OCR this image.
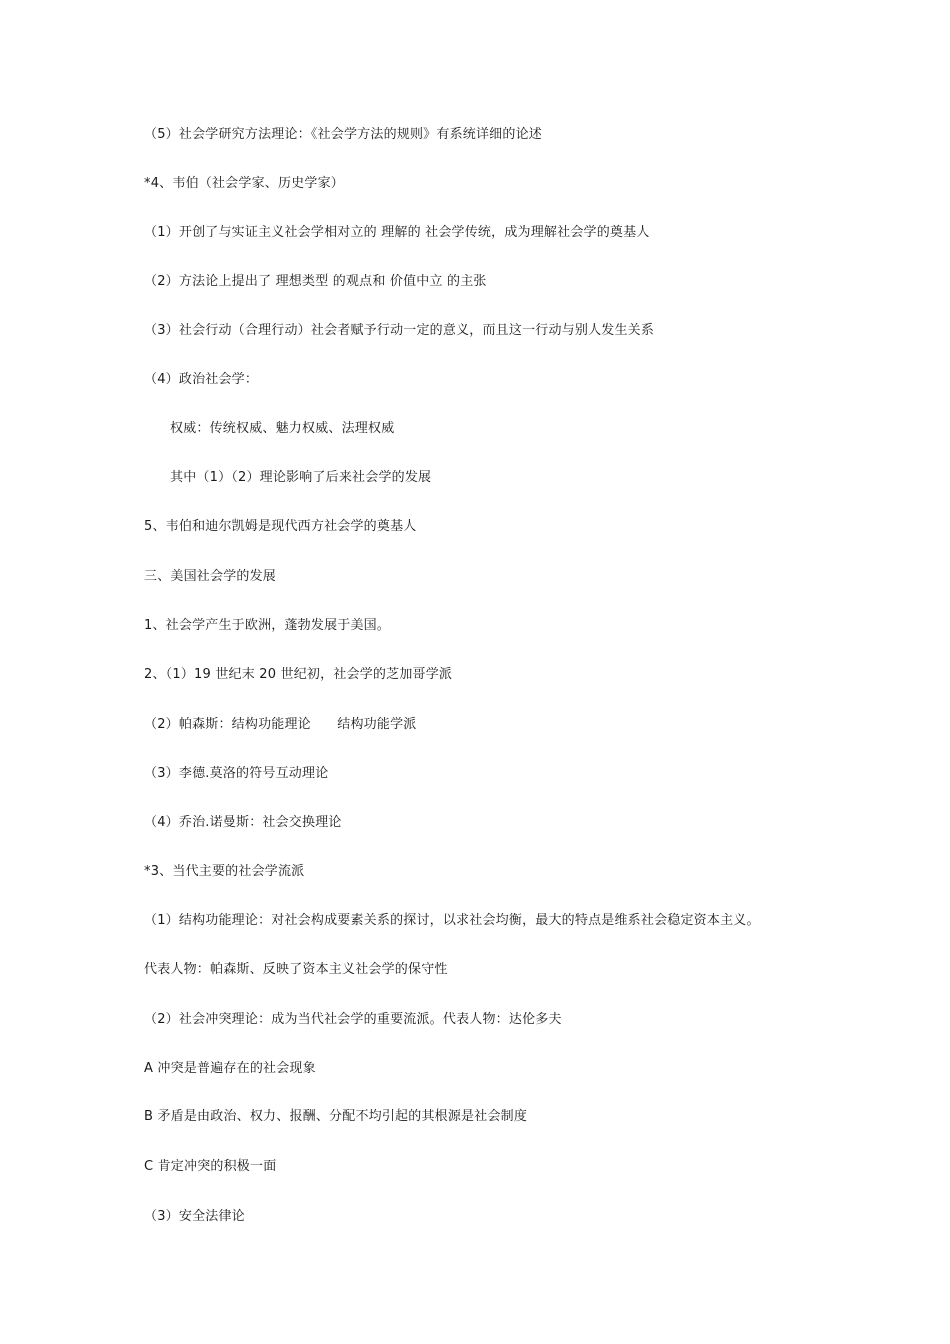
（5）社会学研究方法理论：《社会学方法的规则》有系统详细的论述
*4、韦伯（社会学家、历史学家）
（1）开创了与实证主义社会学相对立的 理解的 社会学传统，成为理解社会学的奠基人
（2）方法论上提出了 理想类型 的观点和 价值中立 的主张
（3）社会行动（合理行动）社会者赋予行动一定的意义，而且这一行动与别人发生关系
（4）政治社会学：
权威：传统权威、魅力权威、法理权威
其中（1）（2）理论影响了后来社会学的发展
5、韦伯和迪尔凯姆是现代西方社会学的奠基人
三、美国社会学的发展
1、社会学产生于欧洲，蓬勃发展于美国。
2、（1）19 世纪末 20 世纪初，社会学的芝加哥学派
（2）帕森斯：结构功能理论　　结构功能学派
（3）李德.莫洛的符号互动理论
（4）乔治.诺曼斯：社会交换理论
*3、当代主要的社会学流派
（1）结构功能理论：对社会构成要素关系的探讨，以求社会均衡，最大的特点是维系社会稳定资本主义。
代表人物：帕森斯、反映了资本主义社会学的保守性
（2）社会冲突理论：成为当代社会学的重要流派。代表人物：达伦多夫
A 冲突是普遍存在的社会现象
B 矛盾是由政治、权力、报酬、分配不均引起的其根源是社会制度
C 肯定冲突的积极一面
（3）安全法律论
